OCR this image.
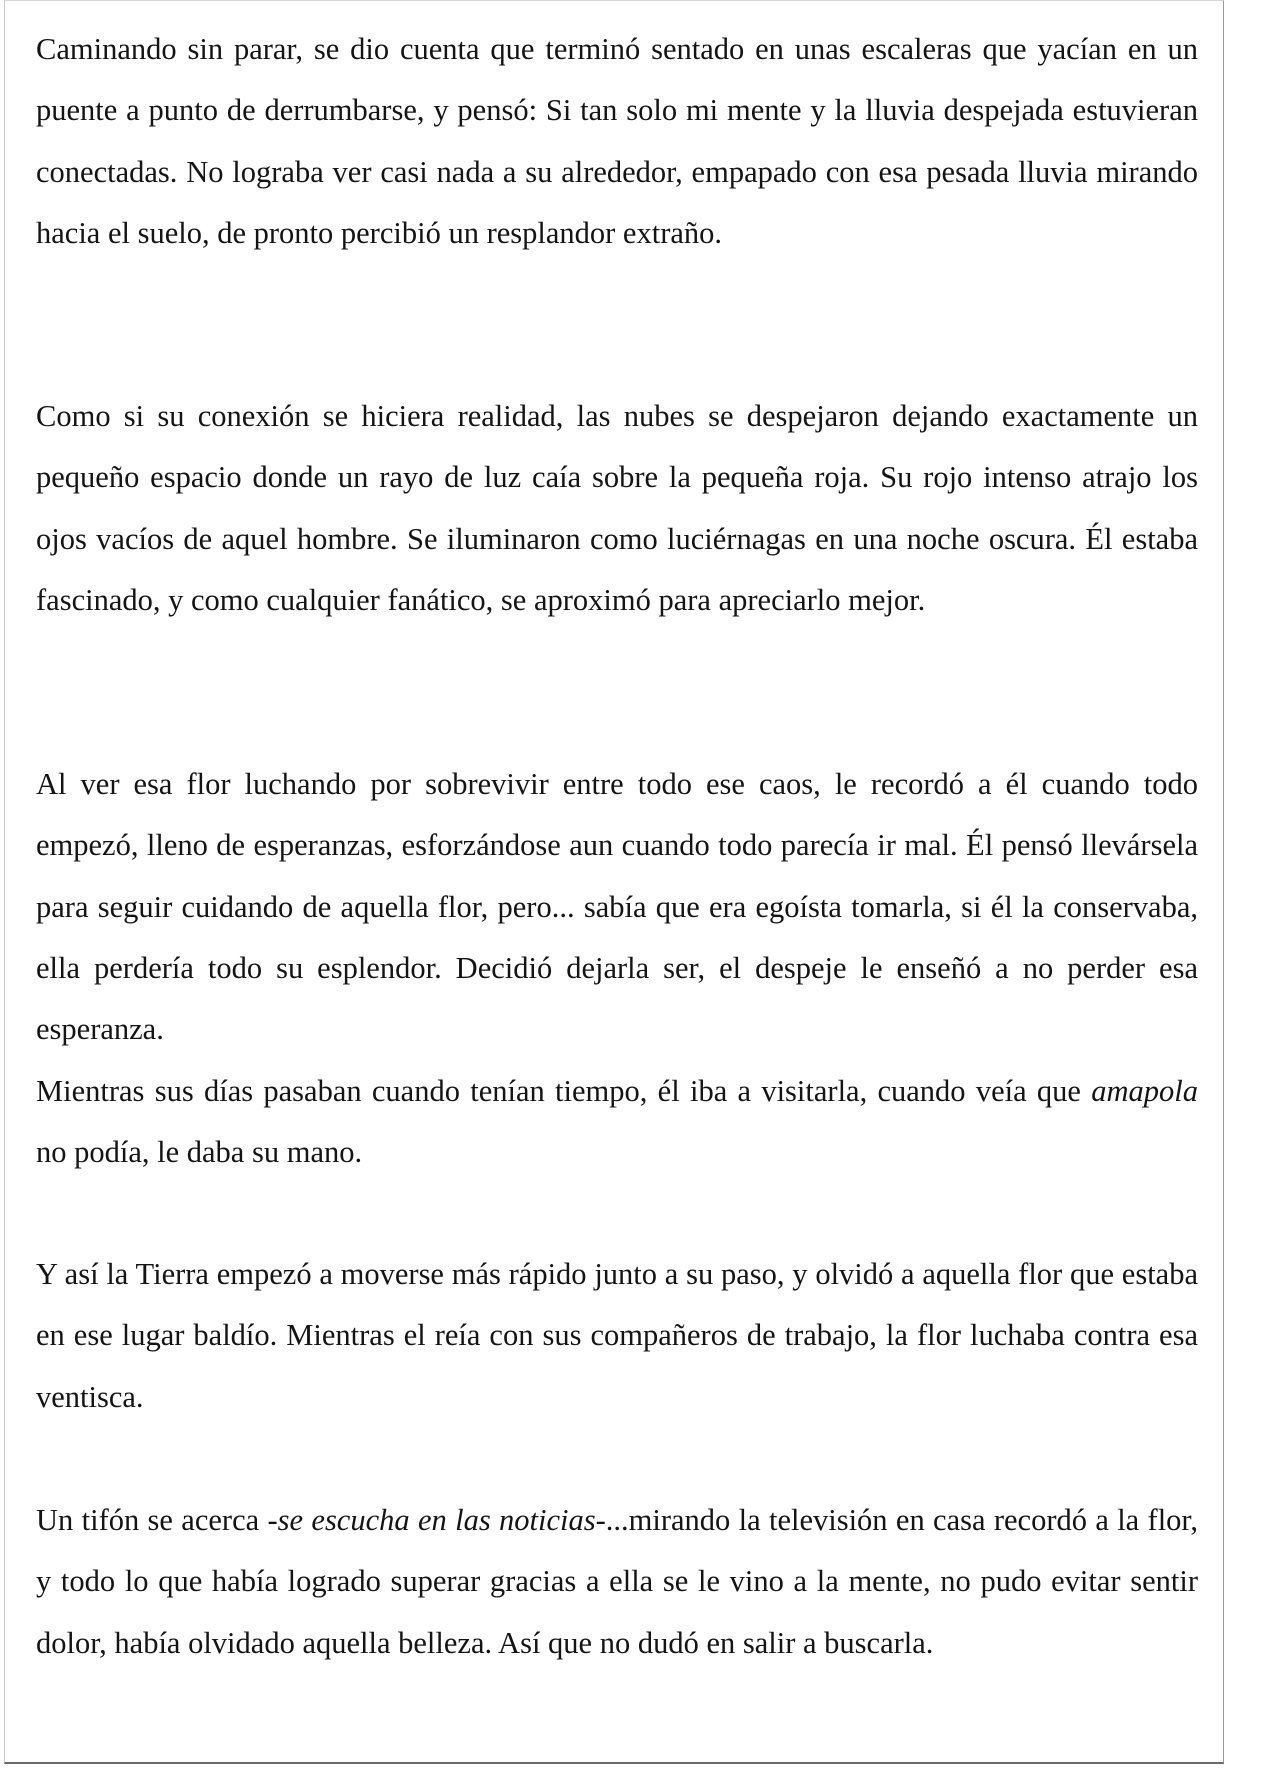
Caminando sin parar, se dio cuenta que terminó sentado en unas escaleras que yacían en un puente a punto de derrumbarse, y pensó: Si tan solo mi mente y la lluvia despejada estuvieran conectadas. No lograba ver casi nada a su alrededor, empapado con esa pesada lluvia mirando hacia el suelo, de pronto percibió un resplandor extraño.

Como si su conexión se hiciera realidad, las nubes se despejaron dejando exactamente un pequeño espacio donde un rayo de luz caía sobre la pequeña roja. Su rojo intenso atrajo los ojos vacíos de aquel hombre. Se iluminaron como luciérnagas en una noche oscura. Él estaba fascinado, y como cualquier fanático, se aproximó para apreciarlo mejor.

Al ver esa flor luchando por sobrevivir entre todo ese caos, le recordó a él cuando todo empezó, lleno de esperanzas, esforzándose aun cuando todo parecía ir mal. Él pensó llevársela para seguir cuidando de aquella flor, pero... sabía que era egoísta tomarla, si él la conservaba, ella perdería todo su esplendor. Decidió dejarla ser, el despeje le enseñó a no perder esa esperanza.

Mientras sus días pasaban cuando tenían tiempo, él iba a visitarla, cuando veía que amapola no podía, le daba su mano.

Y así la Tierra empezó a moverse más rápido junto a su paso, y olvidó a aquella flor que estaba en ese lugar baldío. Mientras el reía con sus compañeros de trabajo, la flor luchaba contra esa ventisca.

Un tifón se acerca -se escucha en las noticias-...mirando la televisión en casa recordó a la flor, y todo lo que había logrado superar gracias a ella se le vino a la mente, no pudo evitar sentir dolor, había olvidado aquella belleza. Así que no dudó en salir a buscarla.
